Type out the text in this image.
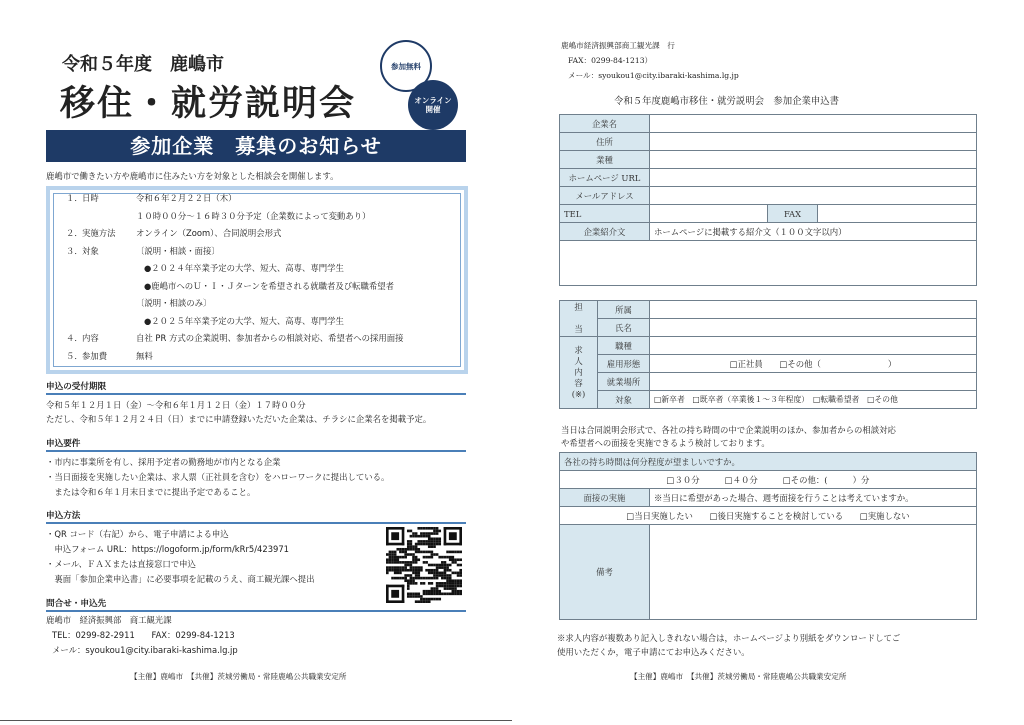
令和５年度　鹿嶋市
移住・就労説明会
参加無料
オンライン
開催
参加企業　募集のお知らせ
鹿嶋市で働きたい方や鹿嶋市に住みたい方を対象とした相談会を開催します。
１． 日時	令和６年２月２２日（木）
１０時００分～１６時３０分予定（企業数によって変動あり）
２． 実施方法 オンライン（Zoom）、合同説明会形式
３． 対象	〔説明・相談・面接〕
●２０２４年卒業予定の大学、短大、高専、専門学生
●鹿嶋市へのＵ・Ｉ・Ｊターンを希望される就職者及び転職希望者
〔説明・相談のみ〕
●２０２５年卒業予定の大学、短大、高専、専門学生
４． 内容	自社 PR 方式の企業説明、参加者からの相談対応、希望者への採用面接
５． 参加費	無料
申込の受付期限
令和５年１２月１日（金）～令和６年１月１２日（金）１７時００分
ただし、令和５年１２月２４日（日）までに申請登録いただいた企業は、チラシに企業名を掲載予定。
申込要件
・市内に事業所を有し、採用予定者の勤務地が市内となる企業
・当日面接を実施したい企業は、求人票（正社員を含む）をハローワークに提出している。
　または令和６年１月末日までに提出予定であること。
申込方法
・QR コード（右記）から、電子申請による申込
　申込フォーム URL：https://logoform.jp/form/kRr5/423971
・メール、ＦＡＸまたは直接窓口で申込
　裏面「参加企業申込書」に必要事項を記載のうえ、商工観光課へ提出
問合せ・申込先
鹿嶋市　経済振興部　商工観光課
TEL：0299-82-2911　　FAX：0299-84-1213
メール：syoukou1@city.ibaraki-kashima.lg.jp
【主催】鹿嶋市　【共催】茨城労働局・常陸鹿嶋公共職業安定所
鹿嶋市経済振興部商工観光課　行
FAX：0299-84-1213）
メール：syoukou1@city.ibaraki-kashima.lg.jp
令和５年度鹿嶋市移住・就労説明会　参加企業申込書
企業名			
住所			
業種			
ホームページ URL			
メールアドレス			
TEL		FAX	
企業紹介文	ホームページに掲載する紹介文（１００文字以内）		

担

当	所属	
	氏名	
求
人
内
容
(※)	職種	
	雇用形態	□正社員　　□その他（　　　　　　　　）
	就業場所	
	対象	□新卒者　□既卒者（卒業後１～３年程度）　□転職希望者　□その他
当日は合同説明会形式で、各社の持ち時間の中で企業説明のほか、参加者からの相談対応
や希望者への面接を実施できるよう検討しております。
各社の持ち時間は何分程度が望ましいですか。	
□３０分　　　□４０分　　　□その他：(　　　）分	
面接の実施	※当日に希望があった場合、週考面接を行うことは考えていますか。
□当日実施したい　　□後日実施することを検討している　　□実施しない	
備考	
※求人内容が複数あり記入しきれない場合は，ホームページより別紙をダウンロードしてご
使用いただくか，電子申請にてお申込みください。
【主催】鹿嶋市　【共催】茨城労働局・常陸鹿嶋公共職業安定所
